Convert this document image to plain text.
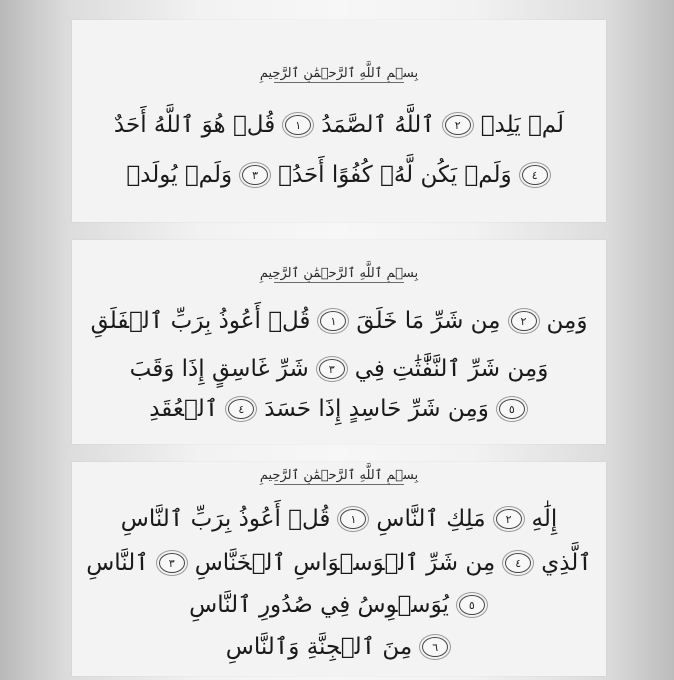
بِسۡمِ ٱللَّهِ ٱلرَّحۡمَٰنِ ٱلرَّحِيمِ
قُلۡ هُوَ ٱللَّهُ أَحَدٌ	١ ٱللَّهُ ٱلصَّمَدُ	٢ لَمۡ يَلِدۡ
وَلَمۡ يُولَدۡ	٣ وَلَمۡ يَكُن لَّهُۥ كُفُوًا أَحَدُۢ	٤
بِسۡمِ ٱللَّهِ ٱلرَّحۡمَٰنِ ٱلرَّحِيمِ
قُلۡ أَعُوذُ بِرَبِّ ٱلۡفَلَقِ	١ مِن شَرِّ مَا خَلَقَ	٢ وَمِن
شَرِّ غَاسِقٍ إِذَا وَقَبَ	٣ وَمِن شَرِّ ٱلنَّفَّٰثَٰتِ فِي
ٱلۡعُقَدِ	٤ وَمِن شَرِّ حَاسِدٍ إِذَا حَسَدَ	٥
بِسۡمِ ٱللَّهِ ٱلرَّحۡمَٰنِ ٱلرَّحِيمِ
قُلۡ أَعُوذُ بِرَبِّ ٱلنَّاسِ	١ مَلِكِ ٱلنَّاسِ	٢ إِلَٰهِ
ٱلنَّاسِ	٣ مِن شَرِّ ٱلۡوَسۡوَاسِ ٱلۡخَنَّاسِ	٤ ٱلَّذِي
يُوَسۡوِسُ فِي صُدُورِ ٱلنَّاسِ	٥
مِنَ ٱلۡجِنَّةِ وَٱلنَّاسِ	٦
